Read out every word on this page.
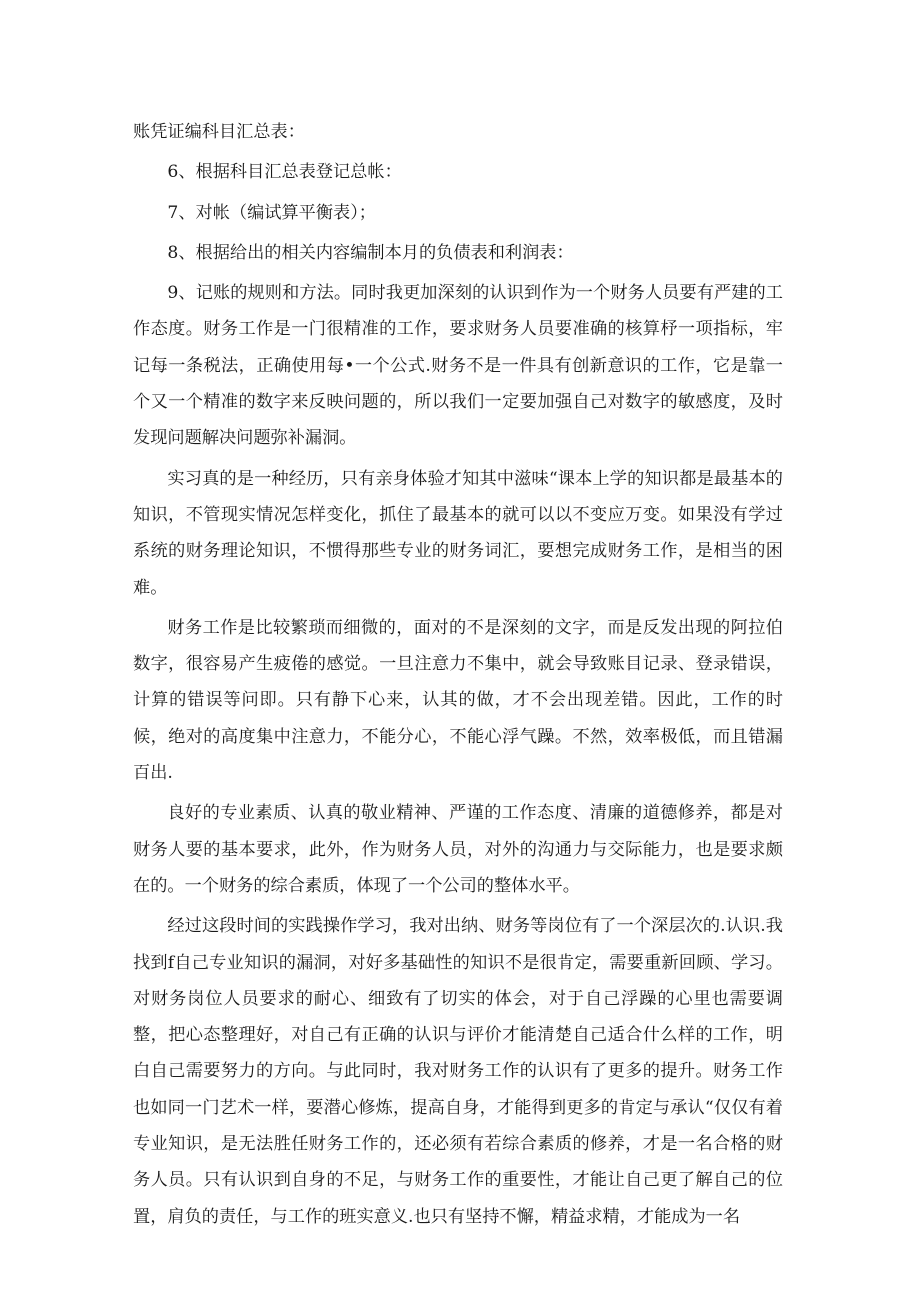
账凭证编科目汇总表：

6、根据科目汇总表登记总帐：

7、对帐（编试算平衡表）；

8、根据给出的相关内容编制本月的负债表和利润表：

9、记账的规则和方法。同时我更加深刻的认识到作为一个财务人员要有严建的工作态度。财务工作是一门很精准的工作，要求财务人员要准确的核算杼一项指标，牢记每一条税法，正确使用每•一个公式.财务不是一件具有创新意识的工作，它是靠一个又一个精准的数字来反映问题的，所以我们一定要加强自己对数字的敏感度，及时发现问题解决问题弥补漏洞。

实习真的是一种经历，只有亲身体验才知其中滋味“课本上学的知识都是最基本的知识，不管现实情况怎样变化，抓住了最基本的就可以以不变应万变。如果没有学过系统的财务理论知识，不惯得那些专业的财务词汇，要想完成财务工作，是相当的困难。

财务工作是比较繁琐而细微的，面对的不是深刻的文字，而是反发出现的阿拉伯数字，很容易产生疲倦的感觉。一旦注意力不集中，就会导致账目记录、登录错误，计算的错误等问即。只有静下心来，认其的做，才不会出现差错。因此，工作的时候，绝对的高度集中注意力，不能分心，不能心浮气躁。不然，效率极低，而且错漏百出.

良好的专业素质、认真的敬业精神、严谨的工作态度、清廉的道德修养，都是对财务人要的基本要求，此外，作为财务人员，对外的沟通力与交际能力，也是要求颇在的。一个财务的综合素质，体现了一个公司的整体水平。

经过这段时间的实践操作学习，我对出纳、财务等岗位有了一个深层次的.认识.我找到f自己专业知识的漏洞，对好多基础性的知识不是很肯定，需要重新回顾、学习。对财务岗位人员要求的耐心、细致有了切实的体会，对于自己浮躁的心里也需要调整，把心态整理好，对自己有正确的认识与评价才能清楚自己适合什么样的工作，明白自己需要努力的方向。与此同时，我对财务工作的认识有了更多的提升。财务工作也如同一门艺术一样，要潜心修炼，提高自身，才能得到更多的肯定与承认“仅仅有着专业知识，是无法胜任财务工作的，还必须有若综合素质的修养，才是一名合格的财务人员。只有认识到自身的不足，与财务工作的重要性，才能让自己更了解自己的位置，肩负的责任，与工作的班实意义.也只有坚持不懈，精益求精，才能成为一名
